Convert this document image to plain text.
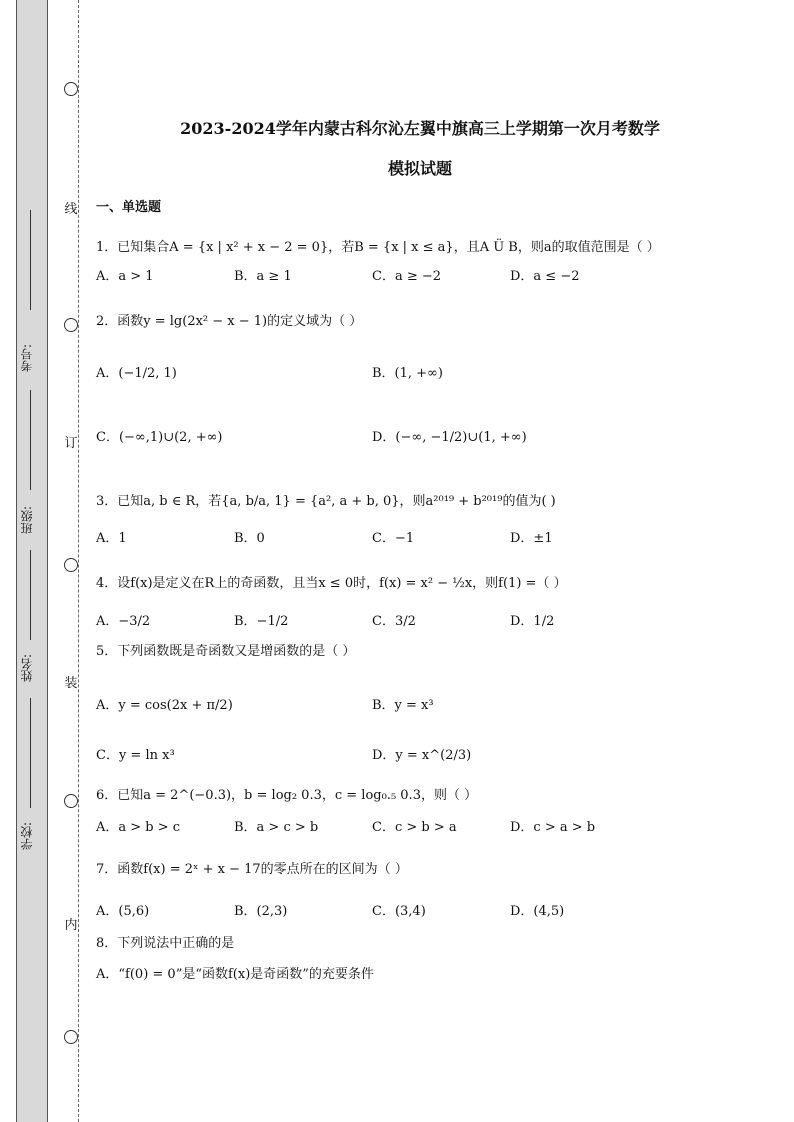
考号:
班级:
姓名:
学校:
线
订
装
内
2023-2024学年内蒙古科尔沁左翼中旗高三上学期第一次月考数学
模拟试题
一、单选题
1．已知集合A = {x | x² + x − 2 = 0}，若B = {x | x ≤ a}，且A Ü B，则a的取值范围是（ ）
A．a > 1	B．a ≥ 1	C．a ≥ −2	D．a ≤ −2
2．函数y = lg(2x² − x − 1)的定义域为（ ）
A．(−1/2, 1)	B．(1, +∞)
C．(−∞,1)∪(2, +∞)	D．(−∞, −1/2)∪(1, +∞)
3．已知a, b ∈ R，若{a, b/a, 1} = {a², a + b, 0}，则a²⁰¹⁹ + b²⁰¹⁹的值为( )
A．1	B．0	C．−1	D．±1
4．设f(x)是定义在R上的奇函数，且当x ≤ 0时，f(x) = x² − ½x，则f(1) =（ ）
A．−3/2	B．−1/2	C．3/2	D．1/2
5．下列函数既是奇函数又是增函数的是（ ）
A．y = cos(2x + π/2)	B．y = x³
C．y = ln x³	D．y = x^(2/3)
6．已知a = 2^(−0.3)，b = log₂ 0.3，c = log₀.₅ 0.3，则（ ）
A．a > b > c	B．a > c > b	C．c > b > a	D．c > a > b
7．函数f(x) = 2ˣ + x − 17的零点所在的区间为（ ）
A．(5,6)	B．(2,3)	C．(3,4)	D．(4,5)
8．下列说法中正确的是
A．“f(0) = 0”是“函数f(x)是奇函数”的充要条件
